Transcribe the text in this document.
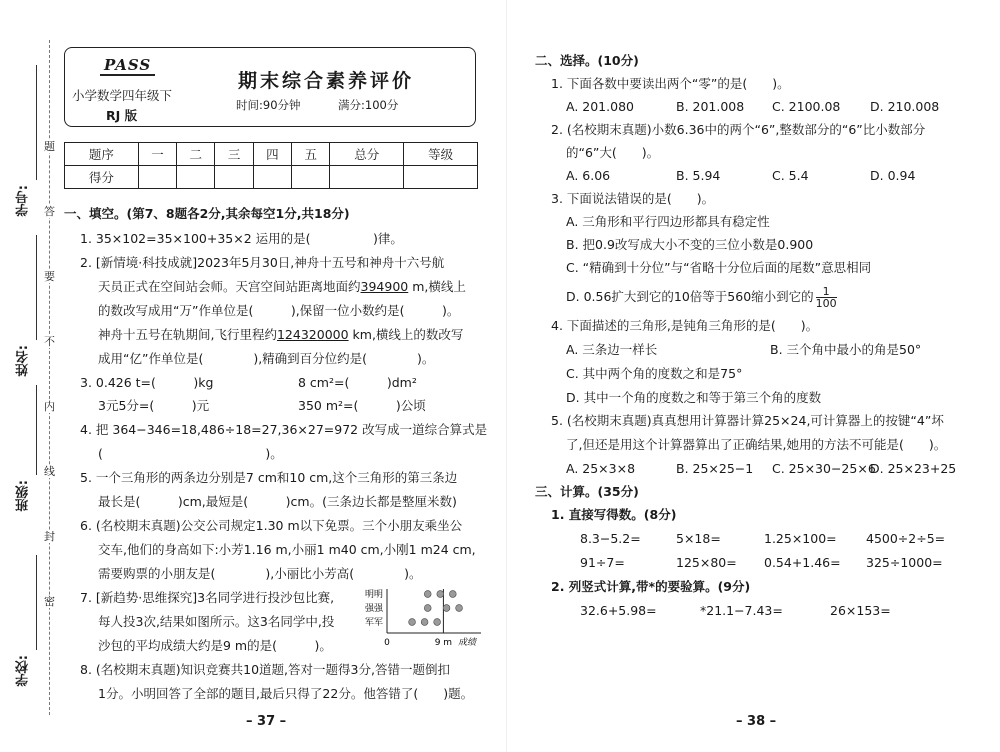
学校:
班级:
姓名:
学号:
题
答
要
不
内
线
封
密
PASS
小学数学四年级下
RJ 版
期末综合素养评价
时间:90分钟	满分:100分
题序	一	二	三	四	五	总分	等级
得分							
一、填空。(第7、8题各2分,其余每空1分,共18分)
1. 35×102=35×100+35×2 运用的是(　　　　　)律。
2. [新情境·科技成就]2023年5月30日,神舟十五号和神舟十六号航
天员正式在空间站会师。天宫空间站距离地面约394900 m,横线上
的数改写成用“万”作单位是(　　　),保留一位小数约是(　　　)。
神舟十五号在轨期间,飞行里程约124320000 km,横线上的数改写
成用“亿”作单位是(　　　　),精确到百分位约是(　　　　)。
3. 0.426 t=(　　　)kg	8 cm²=(　　　)dm²
3元5分=(　　　)元	350 m²=(　　　)公顷
4. 把 364−346=18,486÷18=27,36×27=972 改写成一道综合算式是
(　　　　　　　　　　　　　)。
5. 一个三角形的两条边分别是7 cm和10 cm,这个三角形的第三条边
最长是(　　　)cm,最短是(　　　)cm。(三条边长都是整厘米数)
6. (名校期末真题)公交公司规定1.30 m以下免票。三个小朋友乘坐公
交车,他们的身高如下:小芳1.16 m,小丽1 m40 cm,小刚1 m24 cm,
需要购票的小朋友是(　　　　),小丽比小芳高(　　　　)。
7. [新趋势·思维探究]3名同学进行投沙包比赛,
每人投3次,结果如图所示。这3名同学中,投
沙包的平均成绩大约是9 m的是(　　　)。
8. (名校期末真题)知识竞赛共10道题,答对一题得3分,答错一题倒扣
1分。小明回答了全部的题目,最后只得了22分。他答错了(　　)题。
明明
强强
军军
0	9 m 成绩
– 37 –
二、选择。(10分)
1. 下面各数中要读出两个“零”的是(　　)。
A. 201.080	B. 201.008 C. 2100.08 D. 210.008
2. (名校期末真题)小数6.36中的两个“6”,整数部分的“6”比小数部分
的“6”大(　　)。
A. 6.06	B. 5.94	C. 5.4	D. 0.94
3. 下面说法错误的是(　　)。
A. 三角形和平行四边形都具有稳定性
B. 把0.9改写成大小不变的三位小数是0.900
C. “精确到十分位”与“省略十分位后面的尾数”意思相同
D. 0.56扩大到它的10倍等于560缩小到它的 $\frac{1}{100}$
4. 下面描述的三角形,是钝角三角形的是(　　)。
A. 三条边一样长	B. 三个角中最小的角是50°
C. 其中两个角的度数之和是75°
D. 其中一个角的度数之和等于第三个角的度数
5. (名校期末真题)真真想用计算器计算25×24,可计算器上的按键“4”坏
了,但还是用这个计算器算出了正确结果,她用的方法不可能是(　　)。
A. 25×3×8	B. 25×25−1 C. 25×30−25×6
D. 25×23+25
三、计算。(35分)
1. 直接写得数。(8分)
8.3−5.2=	5×18=	1.25×100= 4500÷2÷5=
91÷7=	125×80= 0.54+1.46= 325÷1000=
2. 列竖式计算,带*的要验算。(9分)
32.6+5.98=	*21.1−7.43=	26×153=
– 38 –
